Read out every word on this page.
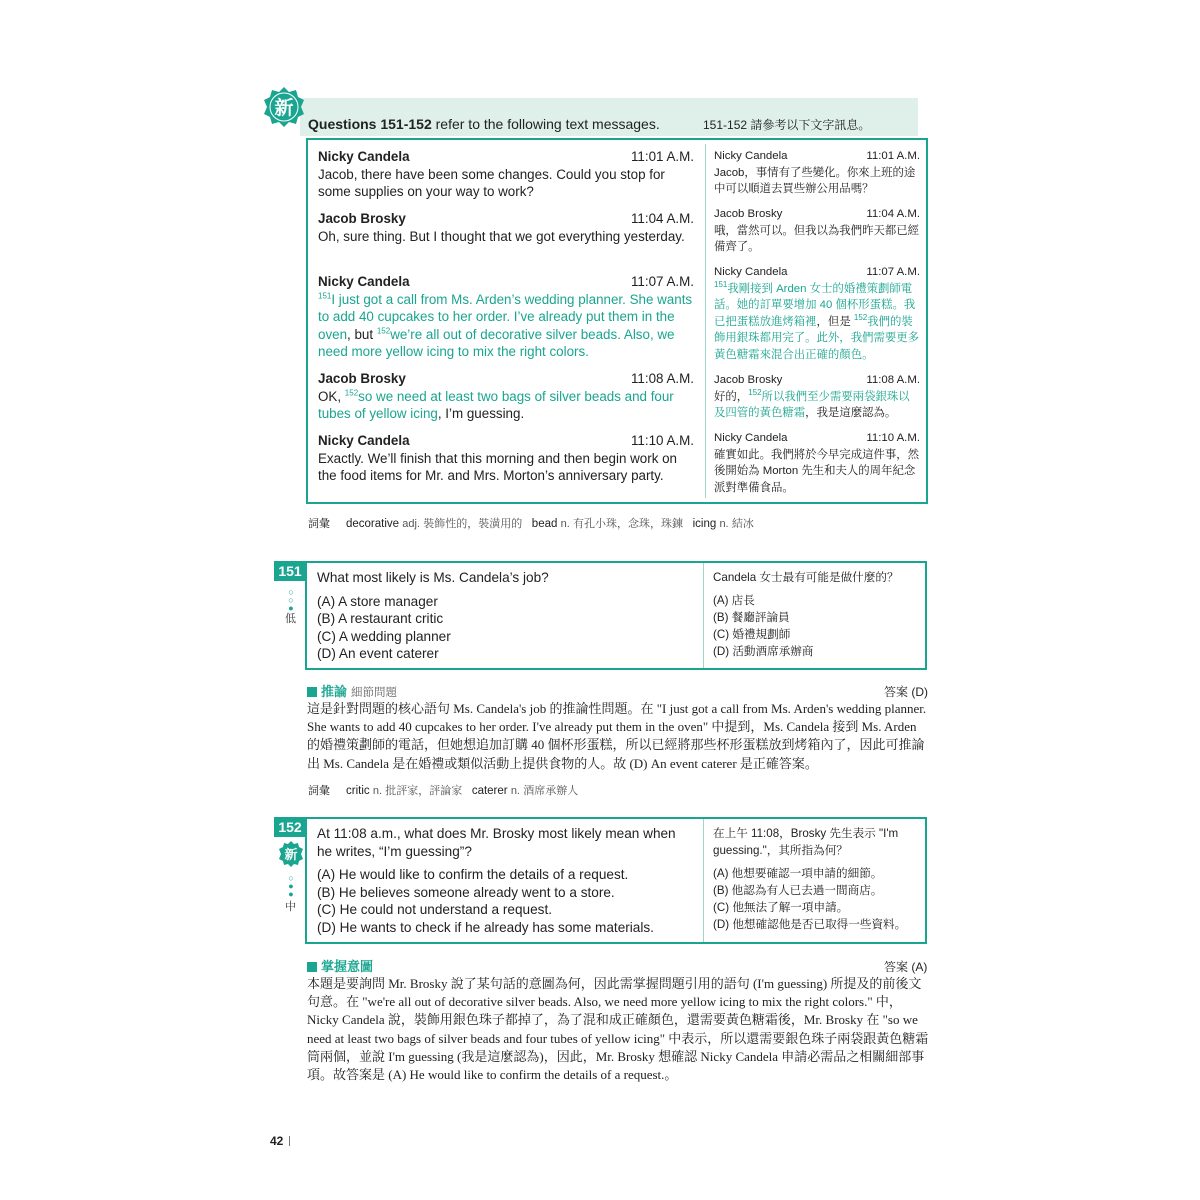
新
Questions 151-152 refer to the following text messages.	151-152 請參考以下文字訊息。
Nicky Candela	11:01 A.M.
Jacob, there have been some changes. Could you stop for some supplies on your way to work?
Jacob Brosky	11:04 A.M.
Oh, sure thing. But I thought that we got everything yesterday.
Nicky Candela	11:07 A.M.
$^{151}$I just got a call from Ms. Arden’s wedding planner. She wants to add 40 cupcakes to her order. I’ve already put them in the oven, but $^{152}$we’re all out of decorative silver beads. Also, we need more yellow icing to mix the right colors.
Jacob Brosky	11:08 A.M.
OK, $^{152}$so we need at least two bags of silver beads and four tubes of yellow icing, I’m guessing.
Nicky Candela	11:10 A.M.
Exactly. We’ll finish that this morning and then begin work on the food items for Mr. and Mrs. Morton’s anniversary party.
Nicky Candela	11:01 A.M.
Jacob，事情有了些變化。你來上班的途中可以順道去買些辦公用品嗎？
Jacob Brosky	11:04 A.M.
哦，當然可以。但我以為我們昨天都已經備齊了。
Nicky Candela	11:07 A.M.
$^{151}$我剛接到 Arden 女士的婚禮策劃師電話。她的訂單要增加 40 個杯形蛋糕。我已把蛋糕放進烤箱裡，但是 $^{152}$我們的裝飾用銀珠都用完了。此外，我們需要更多黃色糖霜來混合出正確的顏色。
Jacob Brosky	11:08 A.M.
好的，$^{152}$所以我們至少需要兩袋銀珠以及四管的黃色糖霜，我是這麼認為。
Nicky Candela	11:10 A.M.
確實如此。我們將於今早完成這件事，然後開始為 Morton 先生和夫人的周年紀念派對準備食品。
詞彙 decorative adj. 裝飾性的，裝潢用的 bead n. 有孔小珠，念珠，珠鍊 icing n. 結冰
151
○
○
●
低
What most likely is Ms. Candela’s job?
(A) A store manager
(B) A restaurant critic
(C) A wedding planner
(D) An event caterer
Candela 女士最有可能是做什麼的？
(A) 店長
(B) 餐廳評論員
(C) 婚禮規劃師
(D) 活動酒席承辦商
推論 細節問題	答案 (D)
這是針對問題的核心語句 Ms. Candela's job 的推論性問題。在 "I just got a call from Ms. Arden's wedding planner. She wants to add 40 cupcakes to her order. I've already put them in the oven" 中提到，Ms. Candela 接到 Ms. Arden 的婚禮策劃師的電話，但她想追加訂購 40 個杯形蛋糕，所以已經將那些杯形蛋糕放到烤箱內了，因此可推論出 Ms. Candela 是在婚禮或類似活動上提供食物的人。故 (D) An event caterer 是正確答案。
詞彙 critic n. 批評家，評論家 caterer n. 酒席承辦人
152
新
○
●
●
中
At 11:08 a.m., what does Mr. Brosky most likely mean when he writes, “I’m guessing”?
(A) He would like to confirm the details of a request.
(B) He believes someone already went to a store.
(C) He could not understand a request.
(D) He wants to check if he already has some materials.
在上午 11:08，Brosky 先生表示 "I'm guessing."，其所指為何？
(A) 他想要確認一項申請的細節。
(B) 他認為有人已去過一間商店。
(C) 他無法了解一項申請。
(D) 他想確認他是否已取得一些資料。
掌握意圖	答案 (A)
本題是要詢問 Mr. Brosky 說了某句話的意圖為何，因此需掌握問題引用的語句 (I'm guessing) 所提及的前後文句意。在 "we're all out of decorative silver beads. Also, we need more yellow icing to mix the right colors." 中，Nicky Candela 說，裝飾用銀色珠子都掉了，為了混和成正確顏色，還需要黃色糖霜後，Mr. Brosky 在 "so we need at least two bags of silver beads and four tubes of yellow icing" 中表示，所以還需要銀色珠子兩袋跟黃色糖霜筒兩個，並說 I'm guessing (我是這麼認為)，因此，Mr. Brosky 想確認 Nicky Candela 申請必需品之相關細部事項。故答案是 (A) He would like to confirm the details of a request.。
42
